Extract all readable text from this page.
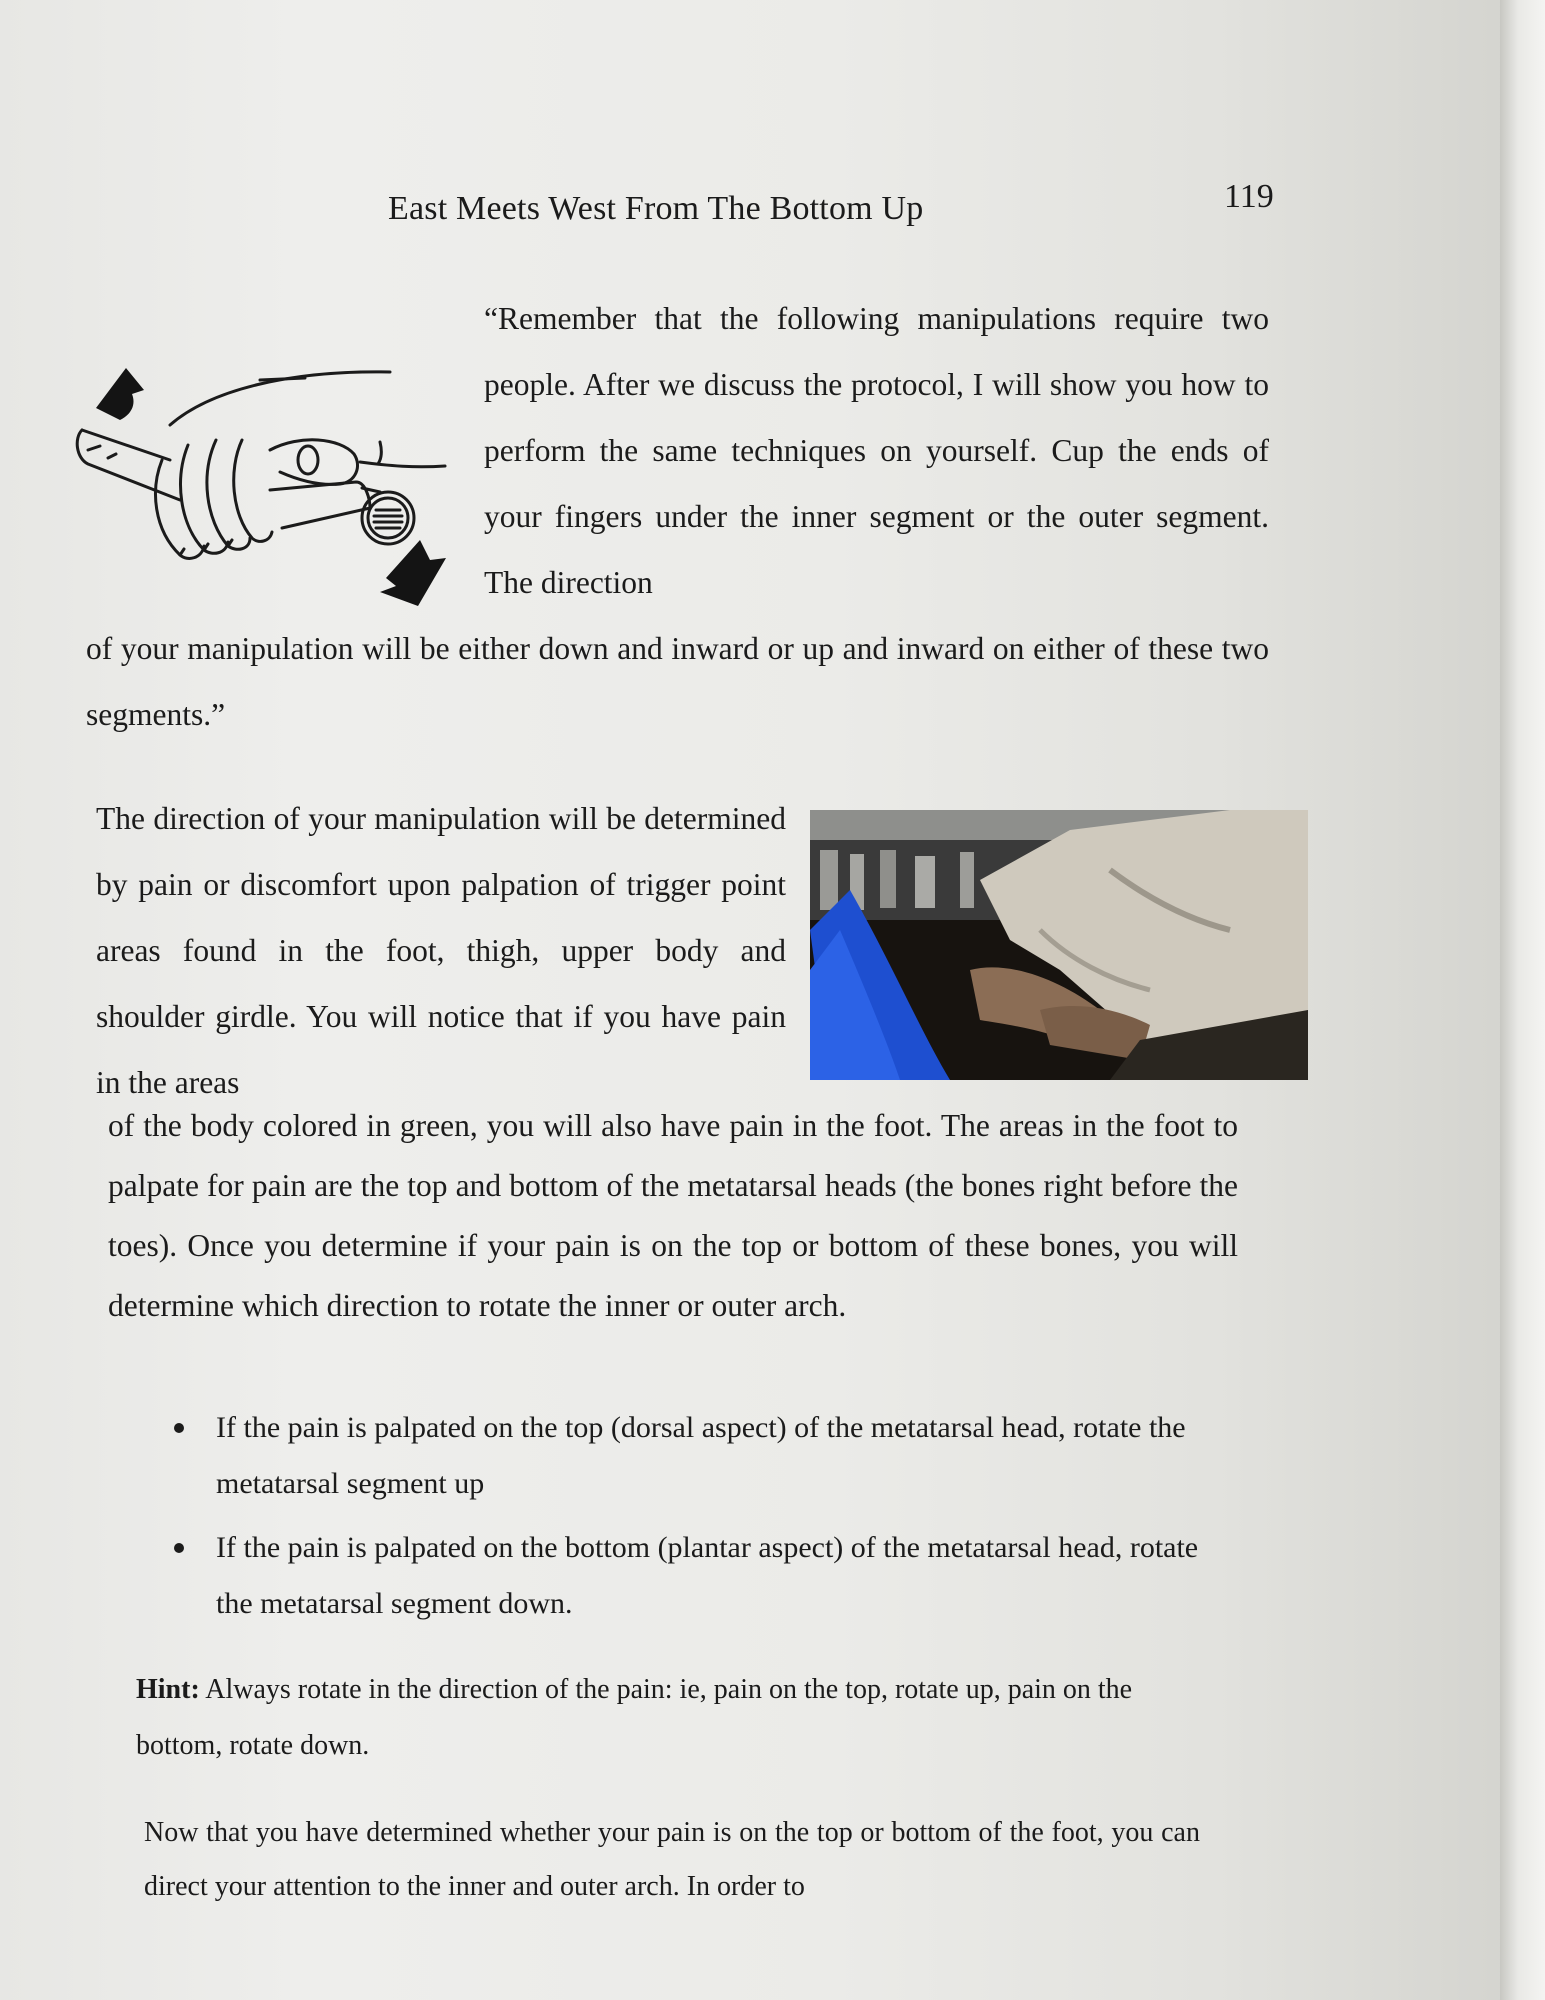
East Meets West From The Bottom Up	119

“Remember that the following manipulations require two people. After we discuss the protocol, I will show you how to perform the same techniques on yourself. Cup the ends of your fingers under the inner segment or the outer segment. The direction

of your manipulation will be either down and inward or up and inward on either of these two segments.”

The direction of your manipulation will be determined by pain or discomfort upon palpation of trigger point areas found in the foot, thigh, upper body and shoulder girdle. You will notice that if you have pain in the areas

of the body colored in green, you will also have pain in the foot. The areas in the foot to palpate for pain are the top and bottom of the metatarsal heads (the bones right before the toes). Once you determine if your pain is on the top or bottom of these bones, you will determine which direction to rotate the inner or outer arch.

If the pain is palpated on the top (dorsal aspect) of the metatarsal head, rotate the metatarsal segment up
If the pain is palpated on the bottom (plantar aspect) of the metatarsal head, rotate the metatarsal segment down.

Hint: Always rotate in the direction of the pain: ie, pain on the top, rotate up, pain on the bottom, rotate down.

Now that you have determined whether your pain is on the top or bottom of the foot, you can direct your attention to the inner and outer arch. In order to
